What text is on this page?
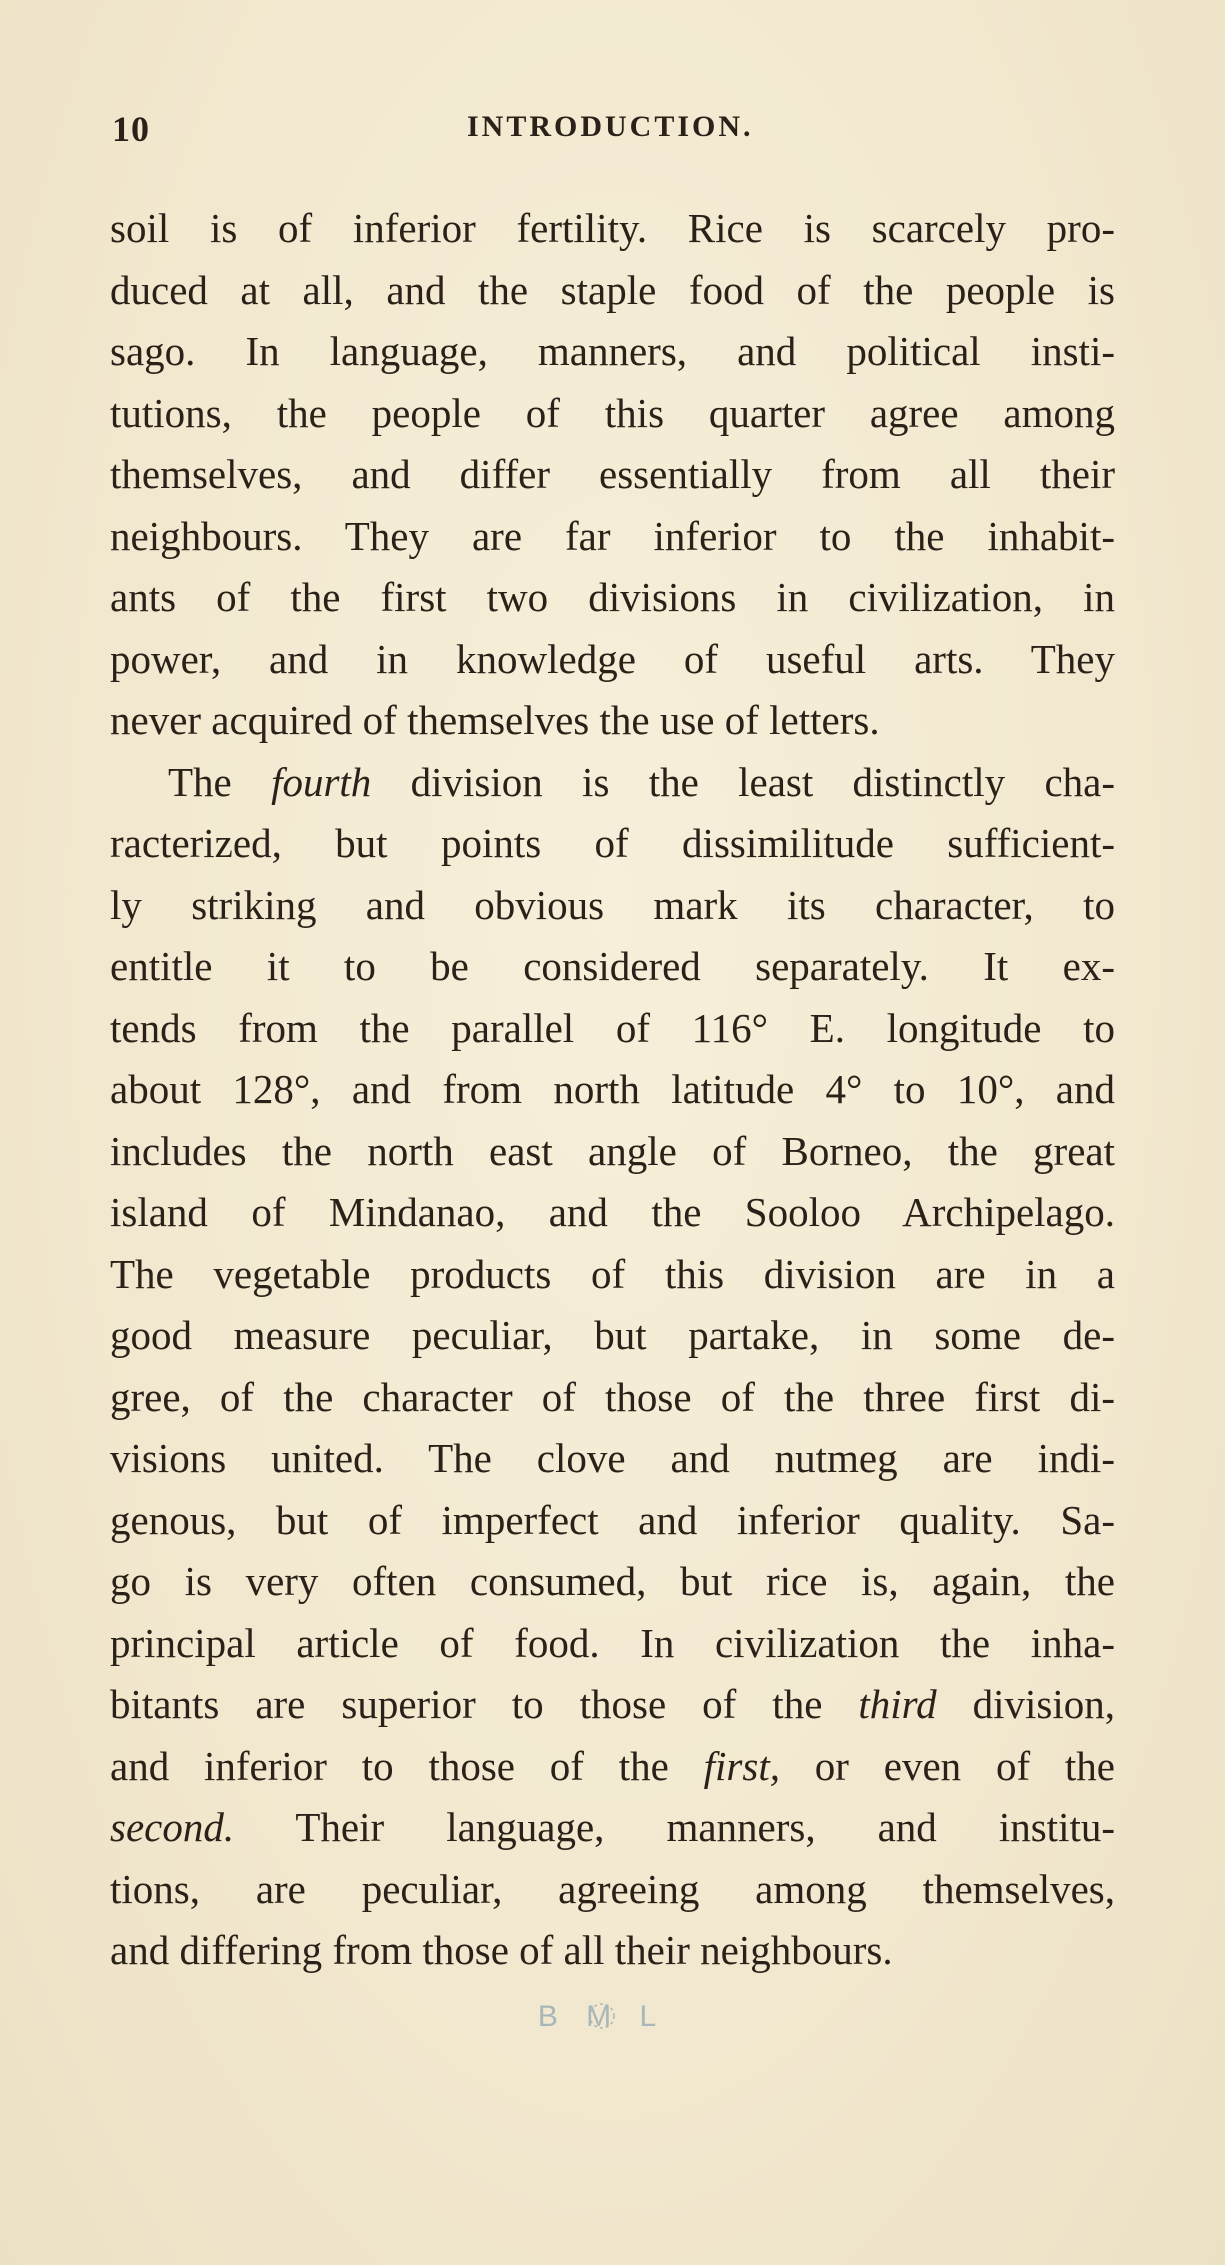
10	INTRODUCTION.
soil is of inferior fertility. Rice is scarcely pro-
duced at all, and the staple food of the people is
sago. In language, manners, and political insti-
tutions, the people of this quarter agree among
themselves, and differ essentially from all their
neighbours. They are far inferior to the inhabit-
ants of the first two divisions in civilization, in
power, and in knowledge of useful arts. They
never acquired of themselves the use of letters.
The fourth division is the least distinctly cha-
racterized, but points of dissimilitude sufficient-
ly striking and obvious mark its character, to
entitle it to be considered separately. It ex-
tends from the parallel of 116° E. longitude to
about 128°, and from north latitude 4° to 10°, and
includes the north east angle of Borneo, the great
island of Mindanao, and the Sooloo Archipelago.
The vegetable products of this division are in a
good measure peculiar, but partake, in some de-
gree, of the character of those of the three first di-
visions united. The clove and nutmeg are indi-
genous, but of imperfect and inferior quality. Sa-
go is very often consumed, but rice is, again, the
principal article of food. In civilization the inha-
bitants are superior to those of the third division,
and inferior to those of the first, or even of the
second. Their language, manners, and institu-
tions, are peculiar, agreeing among themselves,
and differing from those of all their neighbours.
B M L
